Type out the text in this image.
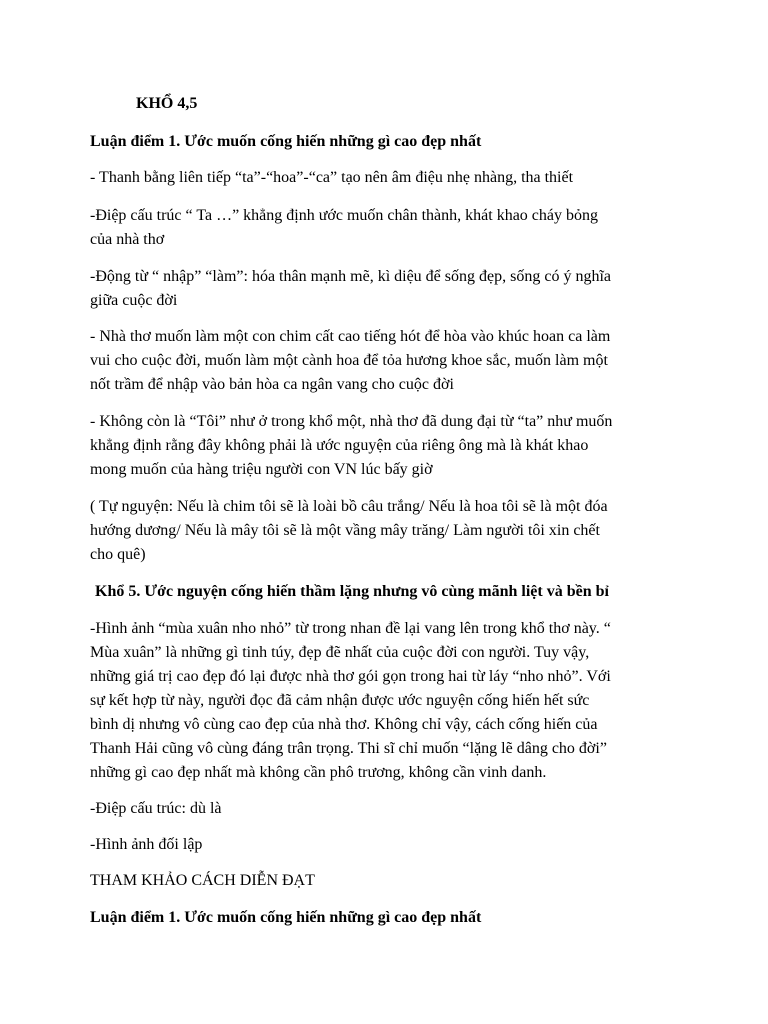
KHỔ 4,5
Luận điểm 1. Ước muốn cống hiến những gì cao đẹp nhất
- Thanh bằng liên tiếp “ta”-“hoa”-“ca” tạo nên âm điệu nhẹ nhàng, tha thiết
-Điệp cấu trúc “ Ta …” khẳng định ước muốn chân thành, khát khao cháy bỏng
của nhà thơ
-Động từ “ nhập” “làm”: hóa thân mạnh mẽ, kì diệu để sống đẹp, sống có ý nghĩa
giữa cuộc đời
- Nhà thơ muốn làm một con chim cất cao tiếng hót để hòa vào khúc hoan ca làm
vui cho cuộc đời, muốn làm một cành hoa để tỏa hương khoe sắc, muốn làm một
nốt trầm để nhập vào bản hòa ca ngân vang cho cuộc đời
- Không còn là “Tôi” như ở trong khổ một, nhà thơ đã dung đại từ “ta” như muốn
khẳng định rằng đây không phải là ước nguyện của riêng ông mà là khát khao
mong muốn của hàng triệu người con VN lúc bấy giờ
( Tự nguyện: Nếu là chim tôi sẽ là loài bồ câu trắng/ Nếu là hoa tôi sẽ là một đóa
hướng dương/ Nếu là mây tôi sẽ là một vầng mây trăng/ Làm người tôi xin chết
cho quê)
Khổ 5. Ước nguyện cống hiến thầm lặng nhưng vô cùng mãnh liệt và bền bỉ
-Hình ảnh “mùa xuân nho nhỏ” từ trong nhan đề lại vang lên trong khổ thơ này. “
Mùa xuân” là những gì tinh túy, đẹp đẽ nhất của cuộc đời con người. Tuy vậy,
những giá trị cao đẹp đó lại được nhà thơ gói gọn trong hai từ láy “nho nhỏ”. Với
sự kết hợp từ này, người đọc đã cảm nhận được ước nguyện cống hiến hết sức
bình dị nhưng vô cùng cao đẹp của nhà thơ. Không chỉ vậy, cách cống hiến của
Thanh Hải cũng vô cùng đáng trân trọng. Thi sĩ chỉ muốn “lặng lẽ dâng cho đời”
những gì cao đẹp nhất mà không cần phô trương, không cần vinh danh.
-Điệp cấu trúc: dù là
-Hình ảnh đối lập
THAM KHẢO CÁCH DIỄN ĐẠT
Luận điểm 1. Ước muốn cống hiến những gì cao đẹp nhất
